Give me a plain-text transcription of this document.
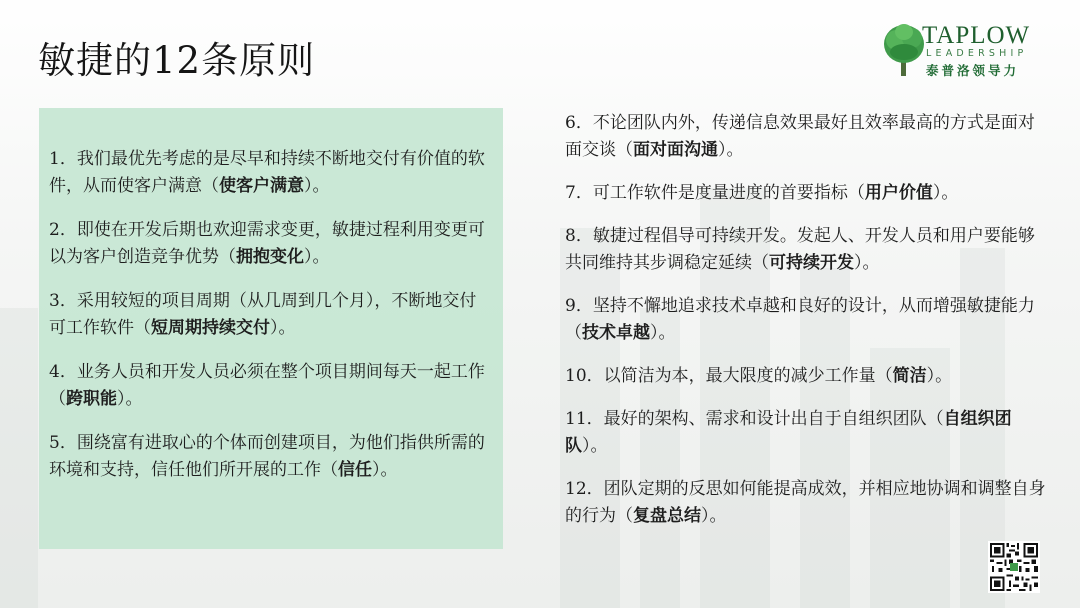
敏捷的12条原则
TAPLOW
LEADERSHIP
泰普洛领导力
1．我们最优先考虑的是尽早和持续不断地交付有价值的软件，从而使客户满意（使客户满意）。
2．即使在开发后期也欢迎需求变更，敏捷过程利用变更可以为客户创造竞争优势（拥抱变化）。
3．采用较短的项目周期（从几周到几个月），不断地交付可工作软件（短周期持续交付）。
4．业务人员和开发人员必须在整个项目期间每天一起工作（跨职能）。
5．围绕富有进取心的个体而创建项目，为他们指供所需的环境和支持，信任他们所开展的工作（信任）。
6．不论团队内外，传递信息效果最好且效率最高的方式是面对面交谈（面对面沟通）。
7．可工作软件是度量进度的首要指标（用户价值）。
8．敏捷过程倡导可持续开发。发起人、开发人员和用户要能够共同维持其步调稳定延续（可持续开发）。
9．坚持不懈地追求技术卓越和良好的设计，从而增强敏捷能力（技术卓越）。
10．以简洁为本，最大限度的减少工作量（简洁）。
11．最好的架构、需求和设计出自于自组织团队（自组织团队）。
12．团队定期的反思如何能提高成效，并相应地协调和调整自身的行为（复盘总结）。
